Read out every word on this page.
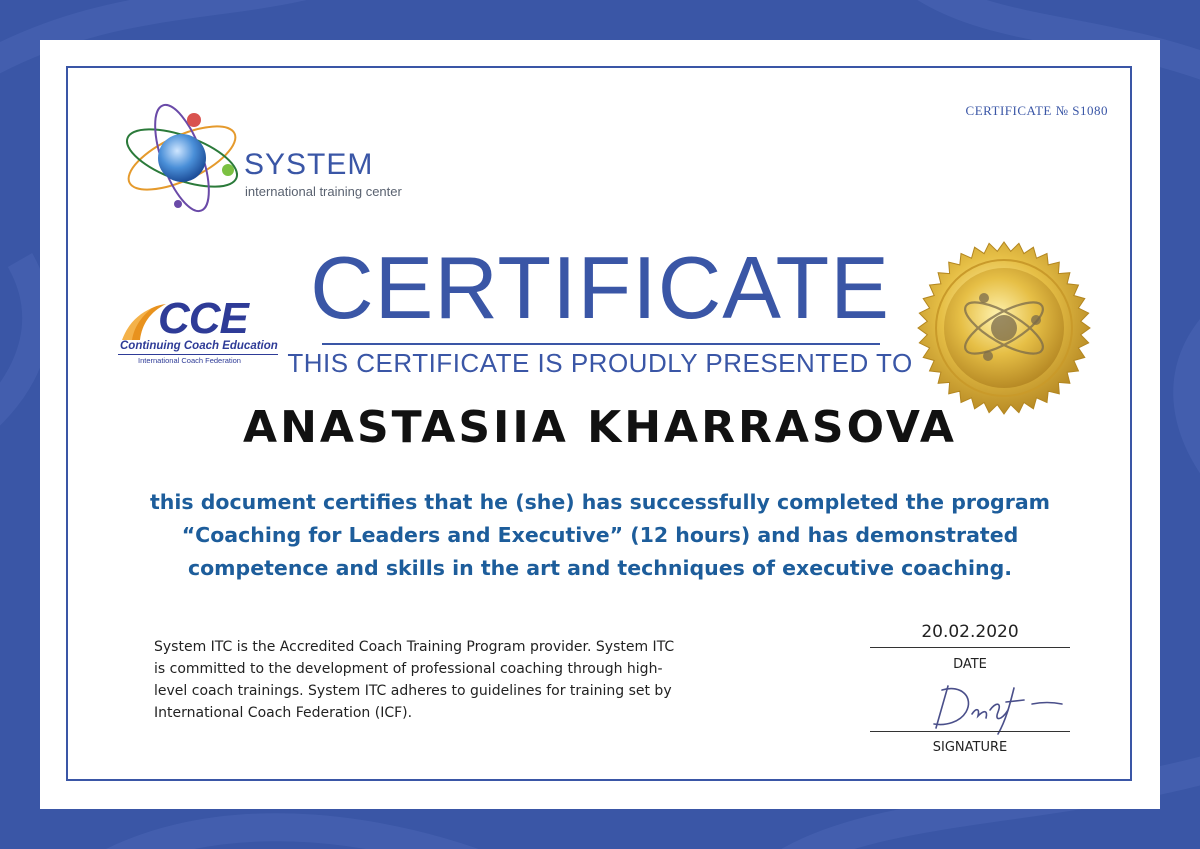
SYSTEM
international training center
CERTIFICATE № S1080
CCE
Continuing Coach Education
International Coach Federation
CERTIFICATE
THIS CERTIFICATE IS PROUDLY PRESENTED TO
ANASTASIIA KHARRASOVA
this document certifies that he (she) has successfully completed the program
“Coaching for Leaders and Executive” (12 hours) and has demonstrated
competence and skills in the art and techniques of executive coaching.
System ITC is the Accredited Coach Training Program provider. System ITC
is committed to the development of professional coaching through high-
level coach trainings. System ITC adheres to guidelines for training set by
International Coach Federation (ICF).
20.02.2020
DATE
SIGNATURE
